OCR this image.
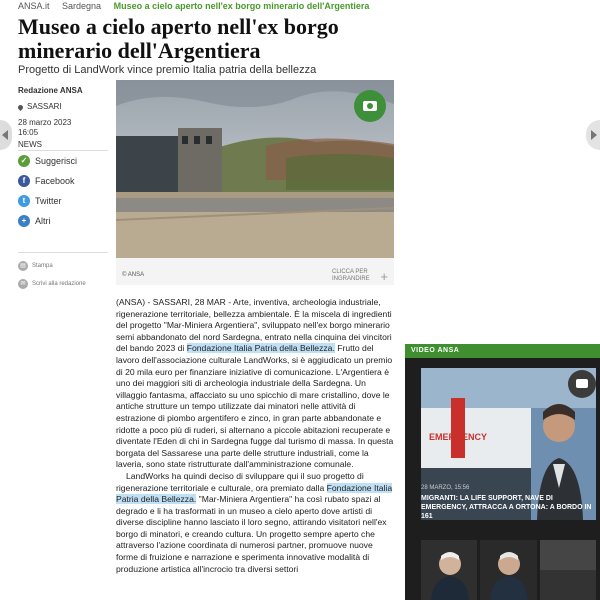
ANSA.it Sardegna Museo a cielo aperto nell'ex borgo minerario dell'Argentiera
Museo a cielo aperto nell'ex borgo minerario dell'Argentiera
Progetto di LandWork vince premio Italia patria della bellezza
Redazione ANSA
SASSARI
28 marzo 2023
16:05
NEWS
✓ Suggerisci
f	Facebook
t	Twitter
+ Altri
▤	Stampa
✉	Scrivi alla redazione
© ANSA	CLICCA PER INGRANDIRE +

(ANSA) - SASSARI, 28 MAR - Arte, inventiva, archeologia industriale, rigenerazione territoriale, bellezza ambientale. È la miscela di ingredienti del progetto "Mar-Miniera Argentiera", sviluppato nell'ex borgo minerario semi abbandonato del nord Sardegna, entrato nella cinquina dei vincitori del bando 2023 di Fondazione Italia Patria della Bellezza. Frutto del lavoro dell'associazione culturale LandWorks, si è aggiudicato un premio di 20 mila euro per finanziare iniziative di comunicazione. L'Argentiera è uno dei maggiori siti di archeologia industriale della Sardegna. Un villaggio fantasma, affacciato su uno spicchio di mare cristallino, dove le antiche strutture un tempo utilizzate dai minatori nelle attività di estrazione di piombo argentifero e zinco, in gran parte abbandonate e ridotte a poco più di ruderi, si alternano a piccole abitazioni recuperate e diventate l'Eden di chi in Sardegna fugge dal turismo di massa. In questa borgata del Sassarese una parte delle strutture industriali, come la laveria, sono state ristrutturate dall'amministrazione comunale.

LandWorks ha quindi deciso di sviluppare qui il suo progetto di rigenerazione territoriale e culturale, ora premiato dalla Fondazione Italia Patria della Bellezza. "Mar-Miniera Argentiera" ha così rubato spazi al degrado e li ha trasformati in un museo a cielo aperto dove artisti di diverse discipline hanno lasciato il loro segno, attirando visitatori nell'ex borgo di minatori, e creando cultura. Un progetto sempre aperto che attraverso l'azione coordinata di numerosi partner, promuove nuove forme di fruizione e narrazione e sperimenta innovative modalità di produzione artistica all'incrocio tra diversi settori

VIDEO ANSA
EMERGENCY
28 MARZO, 15:56
MIGRANTI: LA LIFE SUPPORT, NAVE DI EMERGENCY, ATTRACCA A ORTONA: A BORDO IN 161
